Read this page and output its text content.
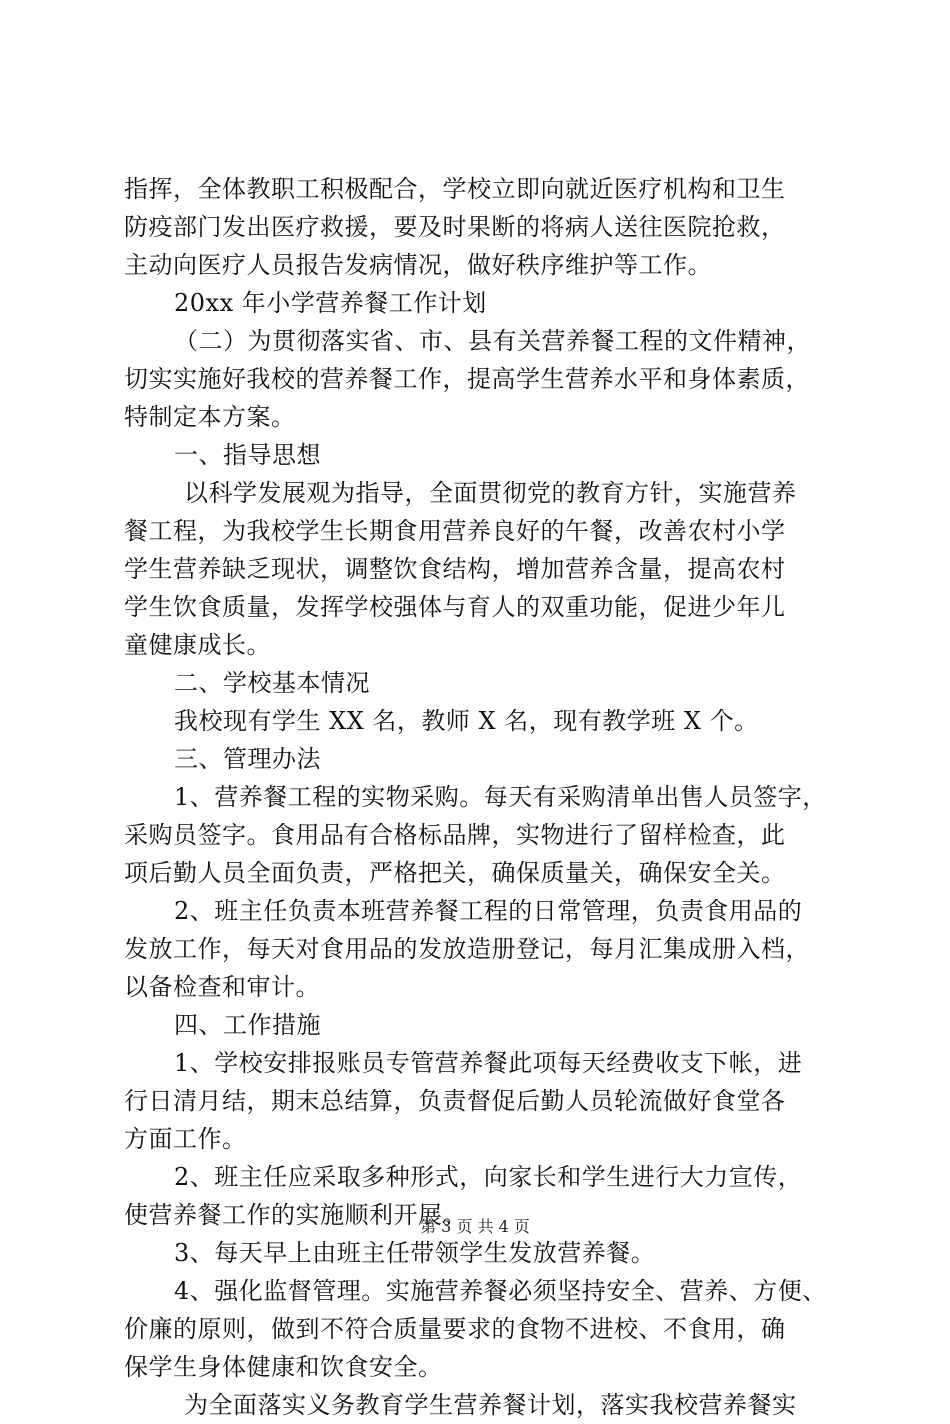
指挥，全体教职工积极配合，学校立即向就近医疗机构和卫生
防疫部门发出医疗救援，要及时果断的将病人送往医院抢救，
主动向医疗人员报告发病情况，做好秩序维护等工作。
20xx 年小学营养餐工作计划
（二）为贯彻落实省、市、县有关营养餐工程的文件精神，
切实实施好我校的营养餐工作，提高学生营养水平和身体素质，
特制定本方案。
一、指导思想
以科学发展观为指导，全面贯彻党的教育方针，实施营养
餐工程，为我校学生长期食用营养良好的午餐，改善农村小学
学生营养缺乏现状，调整饮食结构，增加营养含量，提高农村
学生饮食质量，发挥学校强体与育人的双重功能，促进少年儿
童健康成长。
二、学校基本情况
我校现有学生 XX 名，教师 X 名，现有教学班 X 个。
三、管理办法
1、营养餐工程的实物采购。每天有采购清单出售人员签字，
采购员签字。食用品有合格标品牌，实物进行了留样检查，此
项后勤人员全面负责，严格把关，确保质量关，确保安全关。
2、班主任负责本班营养餐工程的日常管理，负责食用品的
发放工作，每天对食用品的发放造册登记，每月汇集成册入档，
以备检查和审计。
四、工作措施
1、学校安排报账员专管营养餐此项每天经费收支下帐，进
行日清月结，期末总结算，负责督促后勤人员轮流做好食堂各
方面工作。
2、班主任应采取多种形式，向家长和学生进行大力宣传，
使营养餐工作的实施顺利开展。
3、每天早上由班主任带领学生发放营养餐。
4、强化监督管理。实施营养餐必须坚持安全、营养、方便、
价廉的原则，做到不符合质量要求的食物不进校、不食用，确
保学生身体健康和饮食安全。
为全面落实义务教育学生营养餐计划，落实我校营养餐实
第 3 页 共 4 页
